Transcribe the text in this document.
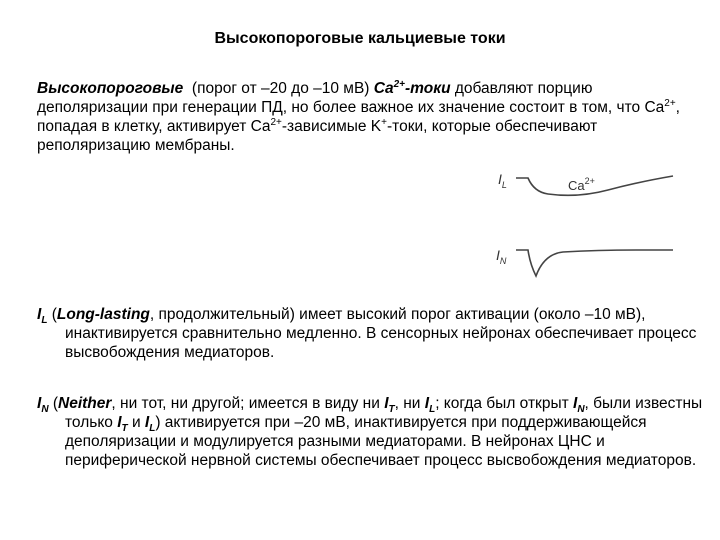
Высокопороговые кальциевые токи
Высокопороговые (порог от –20 до –10 мВ) $Ca^{2+}$-токи добавляют порцию деполяризации при генерации ПД, но более важное их значение состоит в том, что $Ca^{2+}$, попадая в клетку, активирует $Ca^{2+}$-зависимые K+-токи, которые обеспечивают реполяризацию мембраны.
$I_L$	$Ca^{2+}$
$I_N$
$I_L$ (Long-lasting, продолжительный) имеет высокий порог активации (около –10 мВ), инактивируется сравнительно медленно. В сенсорных нейронах обеспечивает процесс высвобождения медиаторов.
$I_N$ (Neither, ни тот, ни другой; имеется в виду ни $I_T$, ни $I_L$; когда был открыт $I_N$, были известны только $I_T$ и $I_L$) активируется при –20 мВ, инактивируется при поддерживающейся деполяризации и модулируется разными медиаторами. В нейронах ЦНС и периферической нервной системы обеспечивает процесс высвобождения медиаторов.
